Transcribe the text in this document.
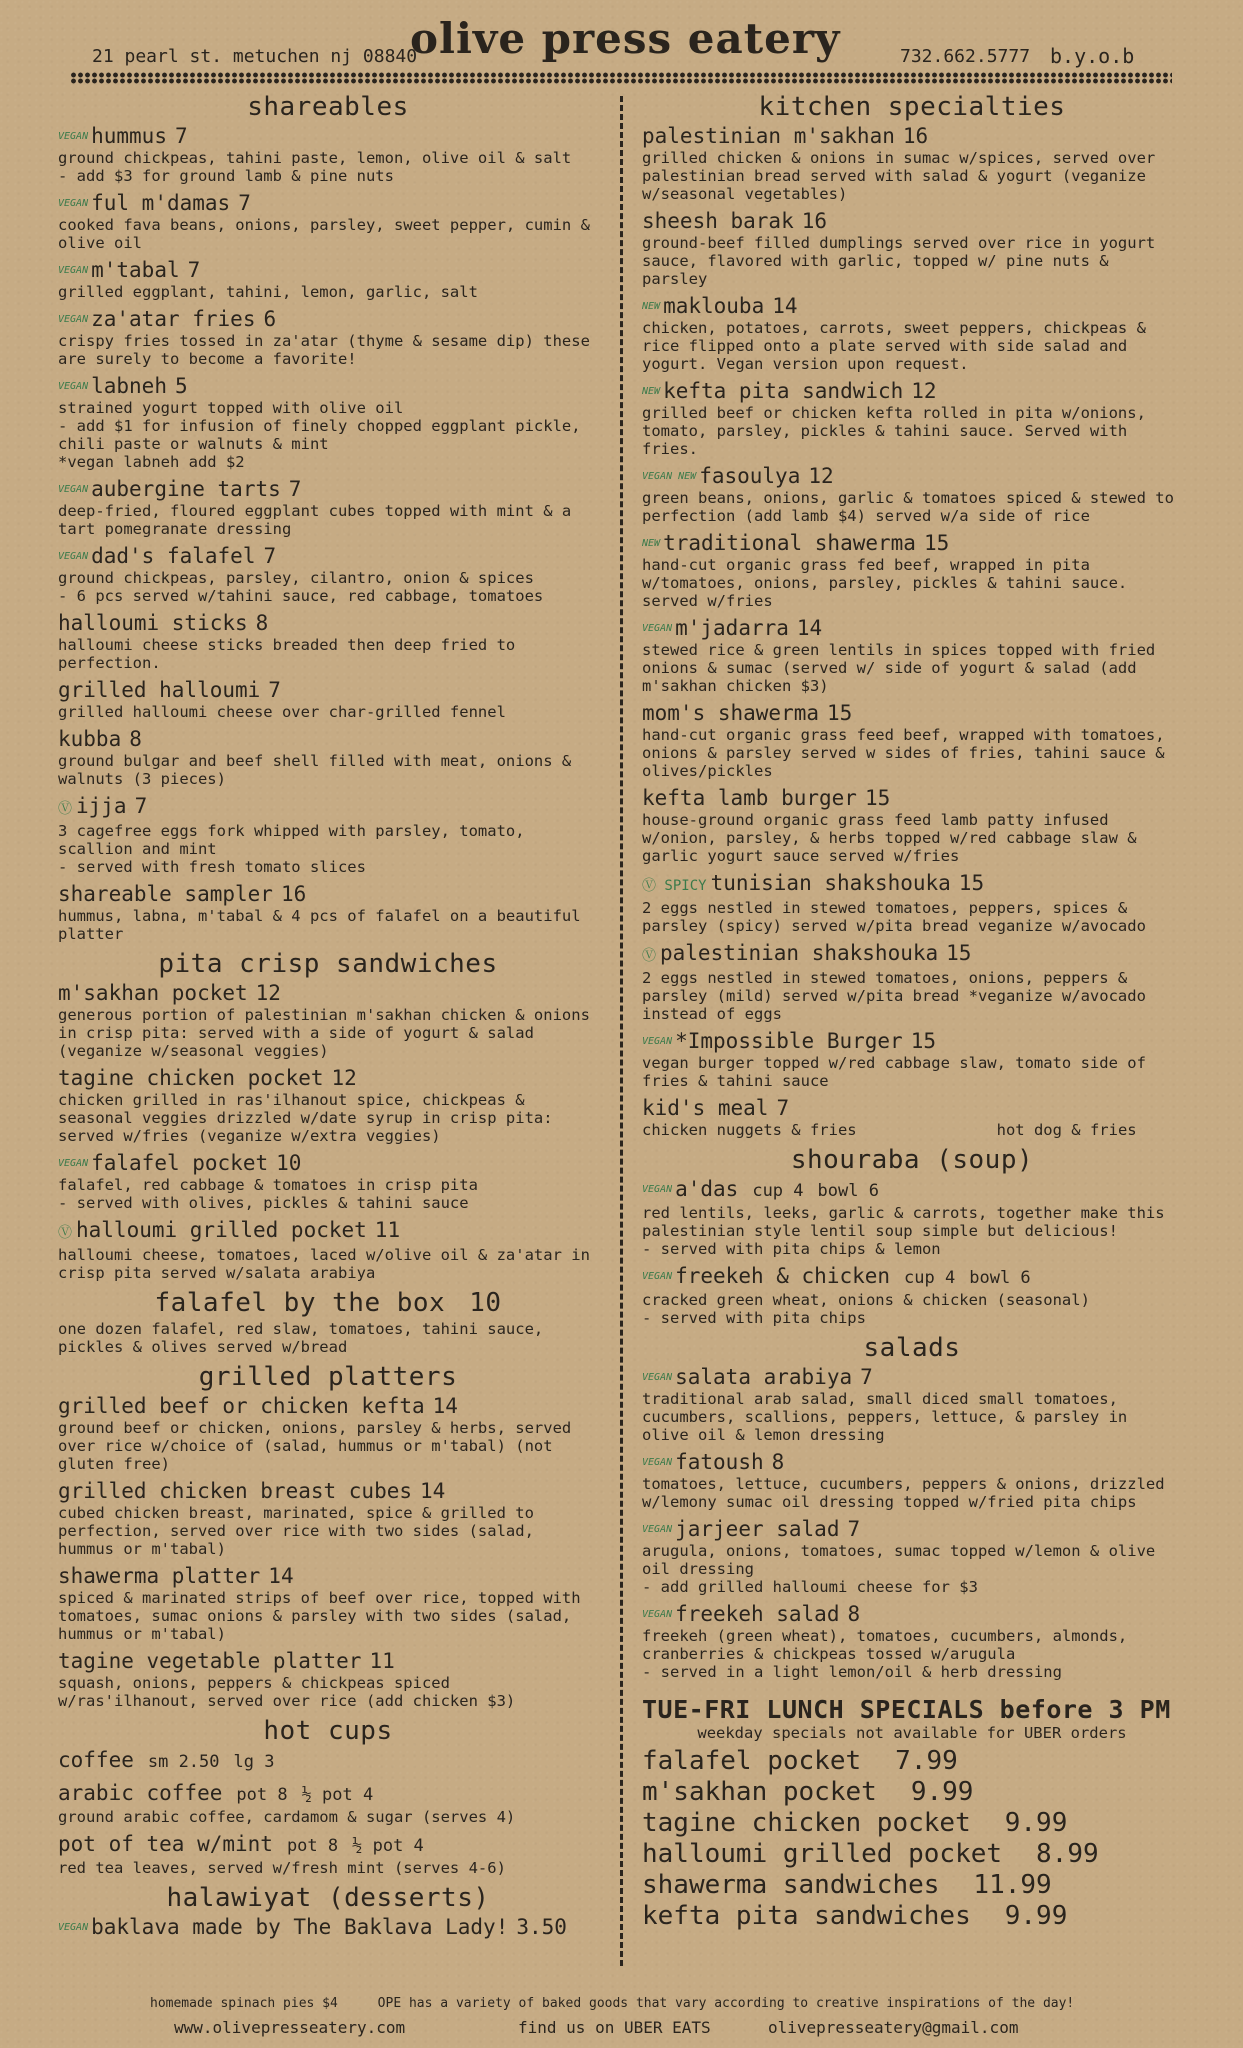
21 pearl st. metuchen nj 08840
olive press eatery	732.662.5777 b.y.o.b
shareables
$^{VEGAN}$ hummus 7
ground chickpeas, tahini paste, lemon, olive oil & salt
- add $3 for ground lamb & pine nuts
$^{VEGAN}$ ful m'damas 7
cooked fava beans, onions, parsley, sweet pepper, cumin & olive oil
$^{VEGAN}$ m'tabal 7
grilled eggplant, tahini, lemon, garlic, salt
$^{VEGAN}$ za'atar fries 6
crispy fries tossed in za'atar (thyme & sesame dip) these are surely to become a favorite!
$^{VEGAN}$ labneh 5
strained yogurt topped with olive oil
- add $1 for infusion of finely chopped eggplant pickle, chili paste or walnuts & mint
*vegan labneh add $2
$^{VEGAN}$ aubergine tarts 7
deep-fried, floured eggplant cubes topped with mint & a tart pomegranate dressing
$^{VEGAN}$ dad's falafel 7
ground chickpeas, parsley, cilantro, onion & spices
- 6 pcs served w/tahini sauce, red cabbage, tomatoes
halloumi sticks 8
halloumi cheese sticks breaded then deep fried to perfection.
grilled halloumi 7
grilled halloumi cheese over char-grilled fennel
kubba 8
ground bulgar and beef shell filled with meat, onions & walnuts (3 pieces)
Ⓥ ijja 7
3 cagefree eggs fork whipped with parsley, tomato, scallion and mint
- served with fresh tomato slices
shareable sampler 16
hummus, labna, m'tabal & 4 pcs of falafel on a beautiful platter
pita crisp sandwiches
m'sakhan pocket 12
generous portion of palestinian m'sakhan chicken & onions in crisp pita: served with a side of yogurt & salad (veganize w/seasonal veggies)
tagine chicken pocket 12
chicken grilled in ras'ilhanout spice, chickpeas & seasonal veggies drizzled w/date syrup in crisp pita: served w/fries (veganize w/extra veggies)
$^{VEGAN}$ falafel pocket 10
falafel, red cabbage & tomatoes in crisp pita
- served with olives, pickles & tahini sauce
Ⓥ halloumi grilled pocket 11
halloumi cheese, tomatoes, laced w/olive oil & za'atar in crisp pita served w/salata arabiya
falafel by the box 10
one dozen falafel, red slaw, tomatoes, tahini sauce, pickles & olives served w/bread
grilled platters
grilled beef or chicken kefta 14
ground beef or chicken, onions, parsley & herbs, served over rice w/choice of (salad, hummus or m'tabal) (not gluten free)
grilled chicken breast cubes 14
cubed chicken breast, marinated, spice & grilled to perfection, served over rice with two sides (salad, hummus or m'tabal)
shawerma platter 14
spiced & marinated strips of beef over rice, topped with tomatoes, sumac onions & parsley with two sides (salad, hummus or m'tabal)
tagine vegetable platter 11
squash, onions, peppers & chickpeas spiced w/ras'ilhanout, served over rice (add chicken $3)
hot cups
coffee sm 2.50 lg 3
arabic coffee pot 8 ½ pot 4
ground arabic coffee, cardamom & sugar (serves 4)
pot of tea w/mint pot 8 ½ pot 4
red tea leaves, served w/fresh mint (serves 4-6)
halawiyat (desserts)
$^{VEGAN}$ baklava made by The Baklava Lady! 3.50
kitchen specialties
palestinian m'sakhan 16
grilled chicken & onions in sumac w/spices, served over palestinian bread served with salad & yogurt (veganize w/seasonal vegetables)
sheesh barak 16
ground-beef filled dumplings served over rice in yogurt sauce, flavored with garlic, topped w/ pine nuts & parsley
$^{NEW}$ maklouba 14
chicken, potatoes, carrots, sweet peppers, chickpeas & rice flipped onto a plate served with side salad and yogurt. Vegan version upon request.
$^{NEW}$ kefta pita sandwich 12
grilled beef or chicken kefta rolled in pita w/onions, tomato, parsley, pickles & tahini sauce. Served with fries.
$^{VEGAN NEW}$ fasoulya 12
green beans, onions, garlic & tomatoes spiced & stewed to perfection (add lamb $4) served w/a side of rice
$^{NEW}$ traditional shawerma 15
hand-cut organic grass fed beef, wrapped in pita w/tomatoes, onions, parsley, pickles & tahini sauce. served w/fries
$^{VEGAN}$ m'jadarra 14
stewed rice & green lentils in spices topped with fried onions & sumac (served w/ side of yogurt & salad (add m'sakhan chicken $3)
mom's shawerma 15
hand-cut organic grass feed beef, wrapped with tomatoes, onions & parsley served w sides of fries, tahini sauce & olives/pickles
kefta lamb burger 15
house-ground organic grass feed lamb patty infused w/onion, parsley, & herbs topped w/red cabbage slaw & garlic yogurt sauce served w/fries
Ⓥ SPICY tunisian shakshouka 15
2 eggs nestled in stewed tomatoes, peppers, spices & parsley (spicy) served w/pita bread veganize w/avocado
Ⓥ palestinian shakshouka 15
2 eggs nestled in stewed tomatoes, onions, peppers & parsley (mild) served w/pita bread *veganize w/avocado instead of eggs
$^{VEGAN}$ *Impossible Burger 15
vegan burger topped w/red cabbage slaw, tomato side of fries & tahini sauce
kid's meal 7
chicken nuggets & fries	hot dog & fries
shouraba (soup)
$^{VEGAN}$ a'das cup 4 bowl 6
red lentils, leeks, garlic & carrots, together make this palestinian style lentil soup simple but delicious!
- served with pita chips & lemon
$^{VEGAN}$ freekeh & chicken cup 4 bowl 6
cracked green wheat, onions & chicken (seasonal)
- served with pita chips
salads
$^{VEGAN}$ salata arabiya 7
traditional arab salad, small diced small tomatoes, cucumbers, scallions, peppers, lettuce, & parsley in olive oil & lemon dressing
$^{VEGAN}$ fatoush 8
tomatoes, lettuce, cucumbers, peppers & onions, drizzled w/lemony sumac oil dressing topped w/fried pita chips
$^{VEGAN}$ jarjeer salad 7
arugula, onions, tomatoes, sumac topped w/lemon & olive oil dressing
- add grilled halloumi cheese for $3
$^{VEGAN}$ freekeh salad 8
freekeh (green wheat), tomatoes, cucumbers, almonds, cranberries & chickpeas tossed w/arugula
- served in a light lemon/oil & herb dressing
TUE-FRI LUNCH SPECIALS before 3 PM
weekday specials not available for UBER orders
falafel pocket 7.99
m'sakhan pocket 9.99
tagine chicken pocket 9.99
halloumi grilled pocket 8.99
shawerma sandwiches 11.99
kefta pita sandwiches 9.99
homemade spinach pies $4	OPE has a variety of baked goods that vary according to creative inspirations of the day!
www.olivepresseatery.com	find us on UBER EATS	olivepresseatery@gmail.com
